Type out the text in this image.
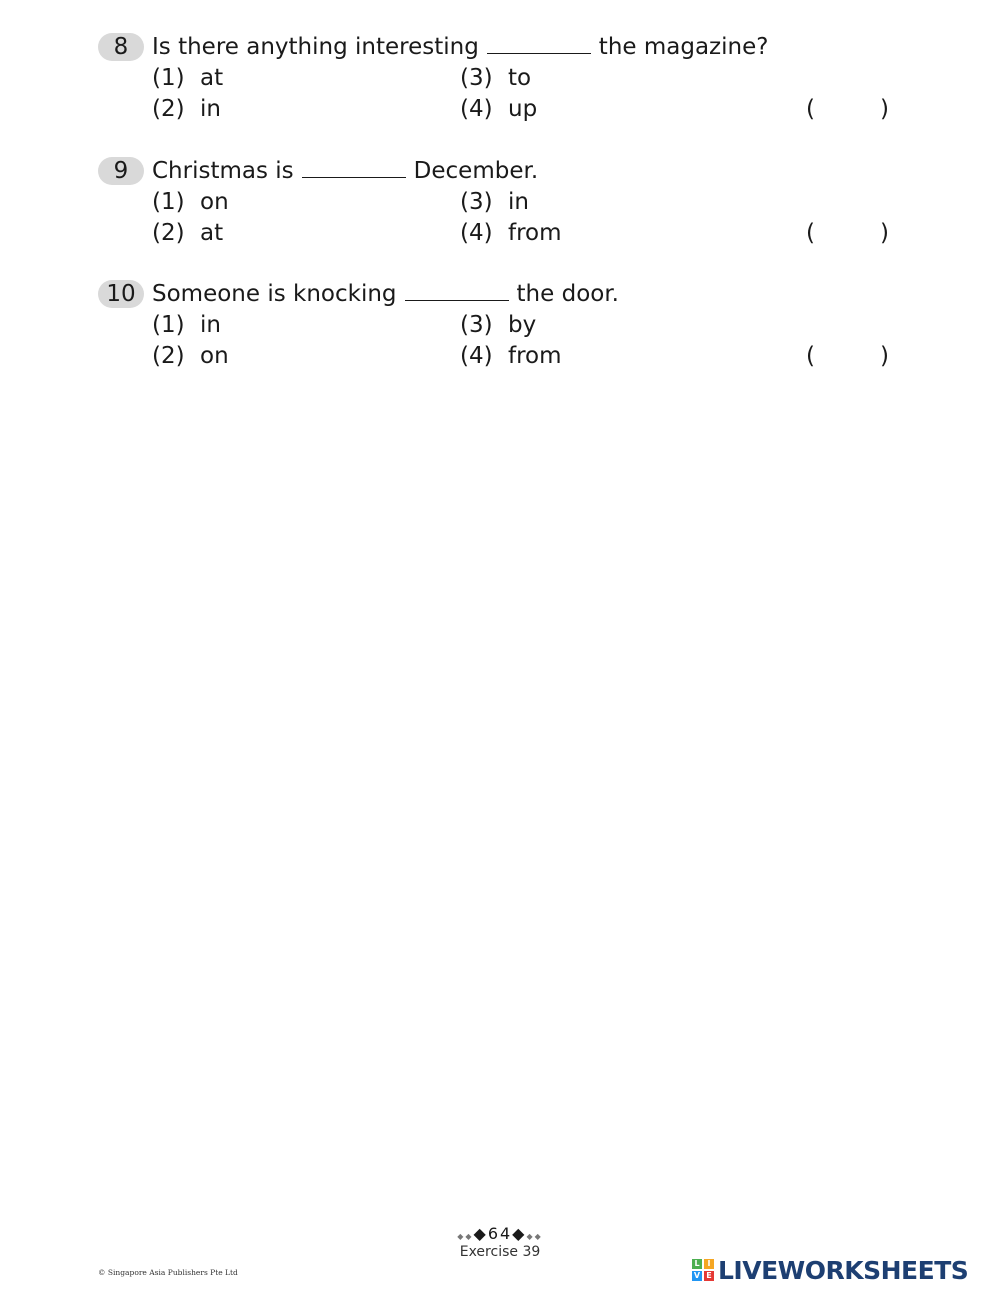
8	Is there anything interesting	the magazine?
(1) at
(2) in
(3) to
(4) up	(	)
9	Christmas is	December.
(1) on
(2) at
(3) in
(4) from	(	)
10 Someone is knocking	the door.
(1) in
(2) on
(3) by
(4) from	(	)
◆◆◆64◆◆◆
Exercise 39
© Singapore Asia Publishers Pte Ltd
L I
V E LIVEWORKSHEETS
